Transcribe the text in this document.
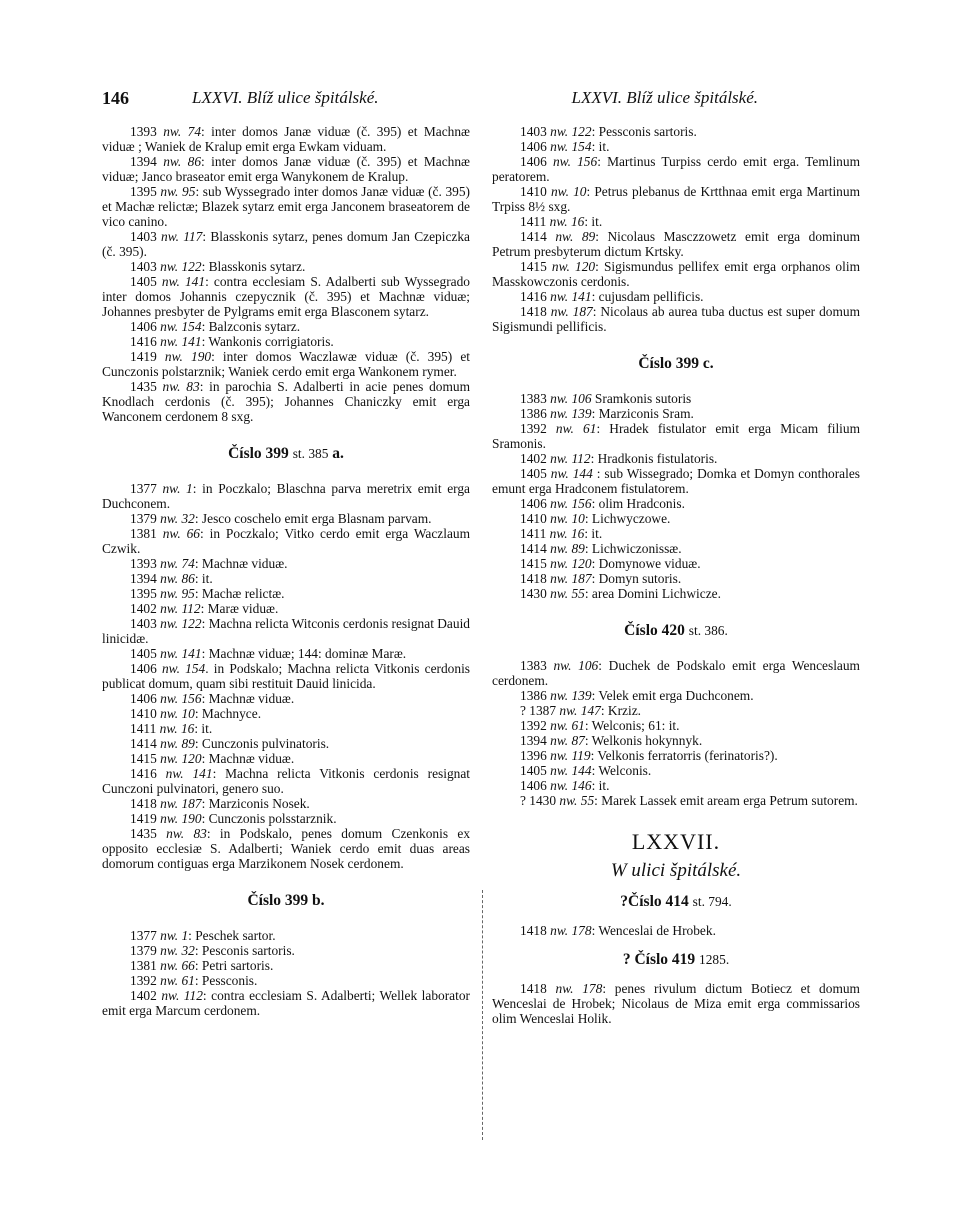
146	LXXVI. Blíž ulice špitálské.	LXXVI. Blíž ulice špitálské.

1393 nw. 74: inter domos Janæ viduæ (č. 395) et Machnæ viduæ ; Waniek de Kralup emit erga Ewkam viduam.

1394 nw. 86: inter domos Janæ viduæ (č. 395) et Machnæ viduæ; Janco braseator emit erga Wanykonem de Kralup.

1395 nw. 95: sub Wyssegrado inter domos Janæ viduæ (č. 395) et Machæ relictæ; Blazek sytarz emit erga Janconem braseatorem de vico canino.

1403 nw. 117: Blasskonis sytarz, penes domum Jan Czepiczka (č. 395).

1403 nw. 122: Blasskonis sytarz.

1405 nw. 141: contra ecclesiam S. Adalberti sub Wyssegrado inter domos Johannis czepycznik (č. 395) et Machnæ viduæ; Johannes presbyter de Pylgrams emit erga Blasconem sytarz.

1406 nw. 154: Balzconis sytarz.

1416 nw. 141: Wankonis corrigiatoris.

1419 nw. 190: inter domos Waczlawæ viduæ (č. 395) et Cunczonis polstarznik; Waniek cerdo emit erga Wankonem rymer.

1435 nw. 83: in parochia S. Adalberti in acie penes domum Knodlach cerdonis (č. 395); Johannes Chaniczky emit erga Wanconem cerdonem 8 sxg.

Číslo 399 st. 385 a.

1377 nw. 1: in Poczkalo; Blaschna parva meretrix emit erga Duchconem.

1379 nw. 32: Jesco coschelo emit erga Blasnam parvam.

1381 nw. 66: in Poczkalo; Vitko cerdo emit erga Waczlaum Czwik.

1393 nw. 74: Machnæ viduæ.

1394 nw. 86: it.

1395 nw. 95: Machæ relictæ.

1402 nw. 112: Maræ viduæ.

1403 nw. 122: Machna relicta Witconis cerdonis resignat Dauid linicidæ.

1405 nw. 141: Machnæ viduæ; 144: dominæ Maræ.

1406 nw. 154. in Podskalo; Machna relicta Vitkonis cerdonis publicat domum, quam sibi restituit Dauid linicida.

1406 nw. 156: Machnæ viduæ.

1410 nw. 10: Machnyce.

1411 nw. 16: it.

1414 nw. 89: Cunczonis pulvinatoris.

1415 nw. 120: Machnæ viduæ.

1416 nw. 141: Machna relicta Vitkonis cerdonis resignat Cunczoni pulvinatori, genero suo.

1418 nw. 187: Marziconis Nosek.

1419 nw. 190: Cunczonis polsstarznik.

1435 nw. 83: in Podskalo, penes domum Czenkonis ex opposito ecclesiæ S. Adalberti; Waniek cerdo emit duas areas domorum contiguas erga Marzikonem Nosek cerdonem.

Číslo 399 b.

1377 nw. 1: Peschek sartor.

1379 nw. 32: Pesconis sartoris.

1381 nw. 66: Petri sartoris.

1392 nw. 61: Pessconis.

1402 nw. 112: contra ecclesiam S. Adalberti; Wellek laborator emit erga Marcum cerdonem.

1403 nw. 122: Pessconis sartoris.

1406 nw. 154: it.

1406 nw. 156: Martinus Turpiss cerdo emit erga. Temlinum peratorem.

1410 nw. 10: Petrus plebanus de Krtthnaa emit erga Martinum Trpiss 8½ sxg.

1411 nw. 16: it.

1414 nw. 89: Nicolaus Masczzowetz emit erga dominum Petrum presbyterum dictum Krtsky.

1415 nw. 120: Sigismundus pellifex emit erga orphanos olim Masskowczonis cerdonis.

1416 nw. 141: cujusdam pellificis.

1418 nw. 187: Nicolaus ab aurea tuba ductus est super domum Sigismundi pellificis.

Číslo 399 c.

1383 nw. 106 Sramkonis sutoris

1386 nw. 139: Marziconis Sram.

1392 nw. 61: Hradek fistulator emit erga Micam filium Sramonis.

1402 nw. 112: Hradkonis fistulatoris.

1405 nw. 144 : sub Wissegrado; Domka et Domyn conthorales emunt erga Hradconem fistulatorem.

1406 nw. 156: olim Hradconis.

1410 nw. 10: Lichwyczowe.

1411 nw. 16: it.

1414 nw. 89: Lichwiczonissæ.

1415 nw. 120: Domynowe viduæ.

1418 nw. 187: Domyn sutoris.

1430 nw. 55: area Domini Lichwicze.

Číslo 420 st. 386.

1383 nw. 106: Duchek de Podskalo emit erga Wenceslaum cerdonem.

1386 nw. 139: Velek emit erga Duchconem.

? 1387 nw. 147: Krziz.

1392 nw. 61: Welconis; 61: it.

1394 nw. 87: Welkonis hokynnyk.

1396 nw. 119: Velkonis ferratorris (ferinatoris?).

1405 nw. 144: Welconis.

1406 nw. 146: it.

? 1430 nw. 55: Marek Lassek emit aream erga Petrum sutorem.

LXXVII.
W ulici špitálské.
?Číslo 414 st. 794.

1418 nw. 178: Wenceslai de Hrobek.

? Číslo 419 1285.

1418 nw. 178: penes rivulum dictum Botiecz et domum Wenceslai de Hrobek; Nicolaus de Miza emit erga commissarios olim Wenceslai Holik.
